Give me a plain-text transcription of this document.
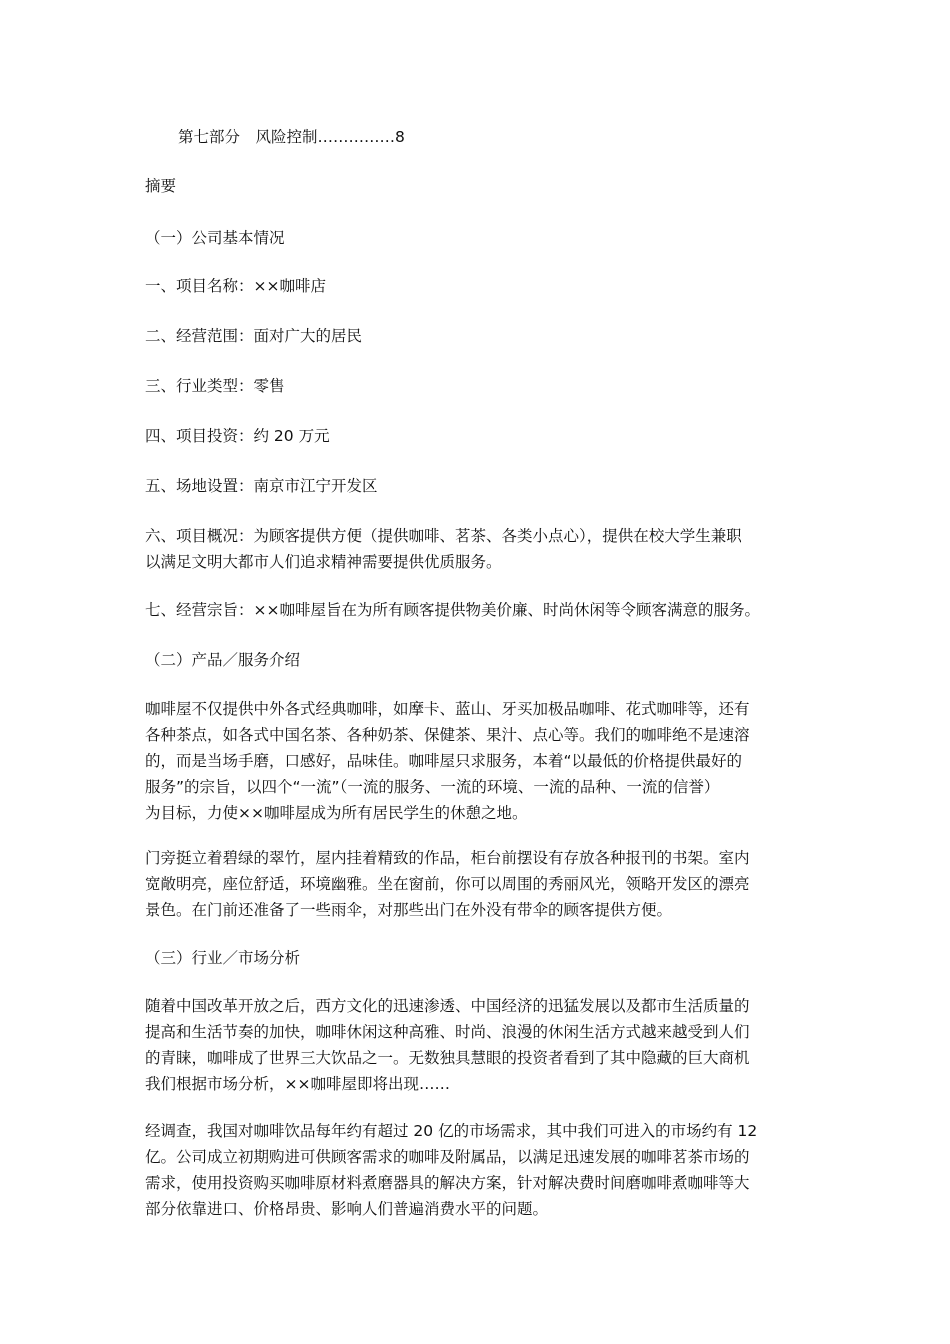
第七部分　风险控制……………8

摘要

（一）公司基本情况

一、项目名称：××咖啡店

二、经营范围：面对广大的居民

三、行业类型：零售

四、项目投资：约 20 万元

五、场地设置：南京市江宁开发区

六、项目概况：为顾客提供方便（提供咖啡、茗茶、各类小点心），提供在校大学生兼职
以满足文明大都市人们追求精神需要提供优质服务。

七、经营宗旨：××咖啡屋旨在为所有顾客提供物美价廉、时尚休闲等令顾客满意的服务。

（二）产品／服务介绍

咖啡屋不仅提供中外各式经典咖啡，如摩卡、蓝山、牙买加极品咖啡、花式咖啡等，还有
各种茶点，如各式中国名茶、各种奶茶、保健茶、果汁、点心等。我们的咖啡绝不是速溶
的，而是当场手磨，口感好，品味佳。咖啡屋只求服务，本着“以最低的价格提供最好的
服务”的宗旨，以四个“一流”（一流的服务、一流的环境、一流的品种、一流的信誉）
为目标，力使××咖啡屋成为所有居民学生的休憩之地。
门旁挺立着碧绿的翠竹，屋内挂着精致的作品，柜台前摆设有存放各种报刊的书架。室内
宽敞明亮，座位舒适，环境幽雅。坐在窗前，你可以周围的秀丽风光，领略开发区的漂亮
景色。在门前还准备了一些雨伞，对那些出门在外没有带伞的顾客提供方便。

（三）行业／市场分析

随着中国改革开放之后，西方文化的迅速渗透、中国经济的迅猛发展以及都市生活质量的
提高和生活节奏的加快，咖啡休闲这种高雅、时尚、浪漫的休闲生活方式越来越受到人们
的青睐，咖啡成了世界三大饮品之一。无数独具慧眼的投资者看到了其中隐藏的巨大商机
我们根据市场分析，××咖啡屋即将出现……
经调查，我国对咖啡饮品每年约有超过 20 亿的市场需求，其中我们可进入的市场约有 12
亿。公司成立初期购进可供顾客需求的咖啡及附属品，以满足迅速发展的咖啡茗茶市场的
需求，使用投资购买咖啡原材料煮磨器具的解决方案，针对解决费时间磨咖啡煮咖啡等大
部分依靠进口、价格昂贵、影响人们普遍消费水平的问题。
